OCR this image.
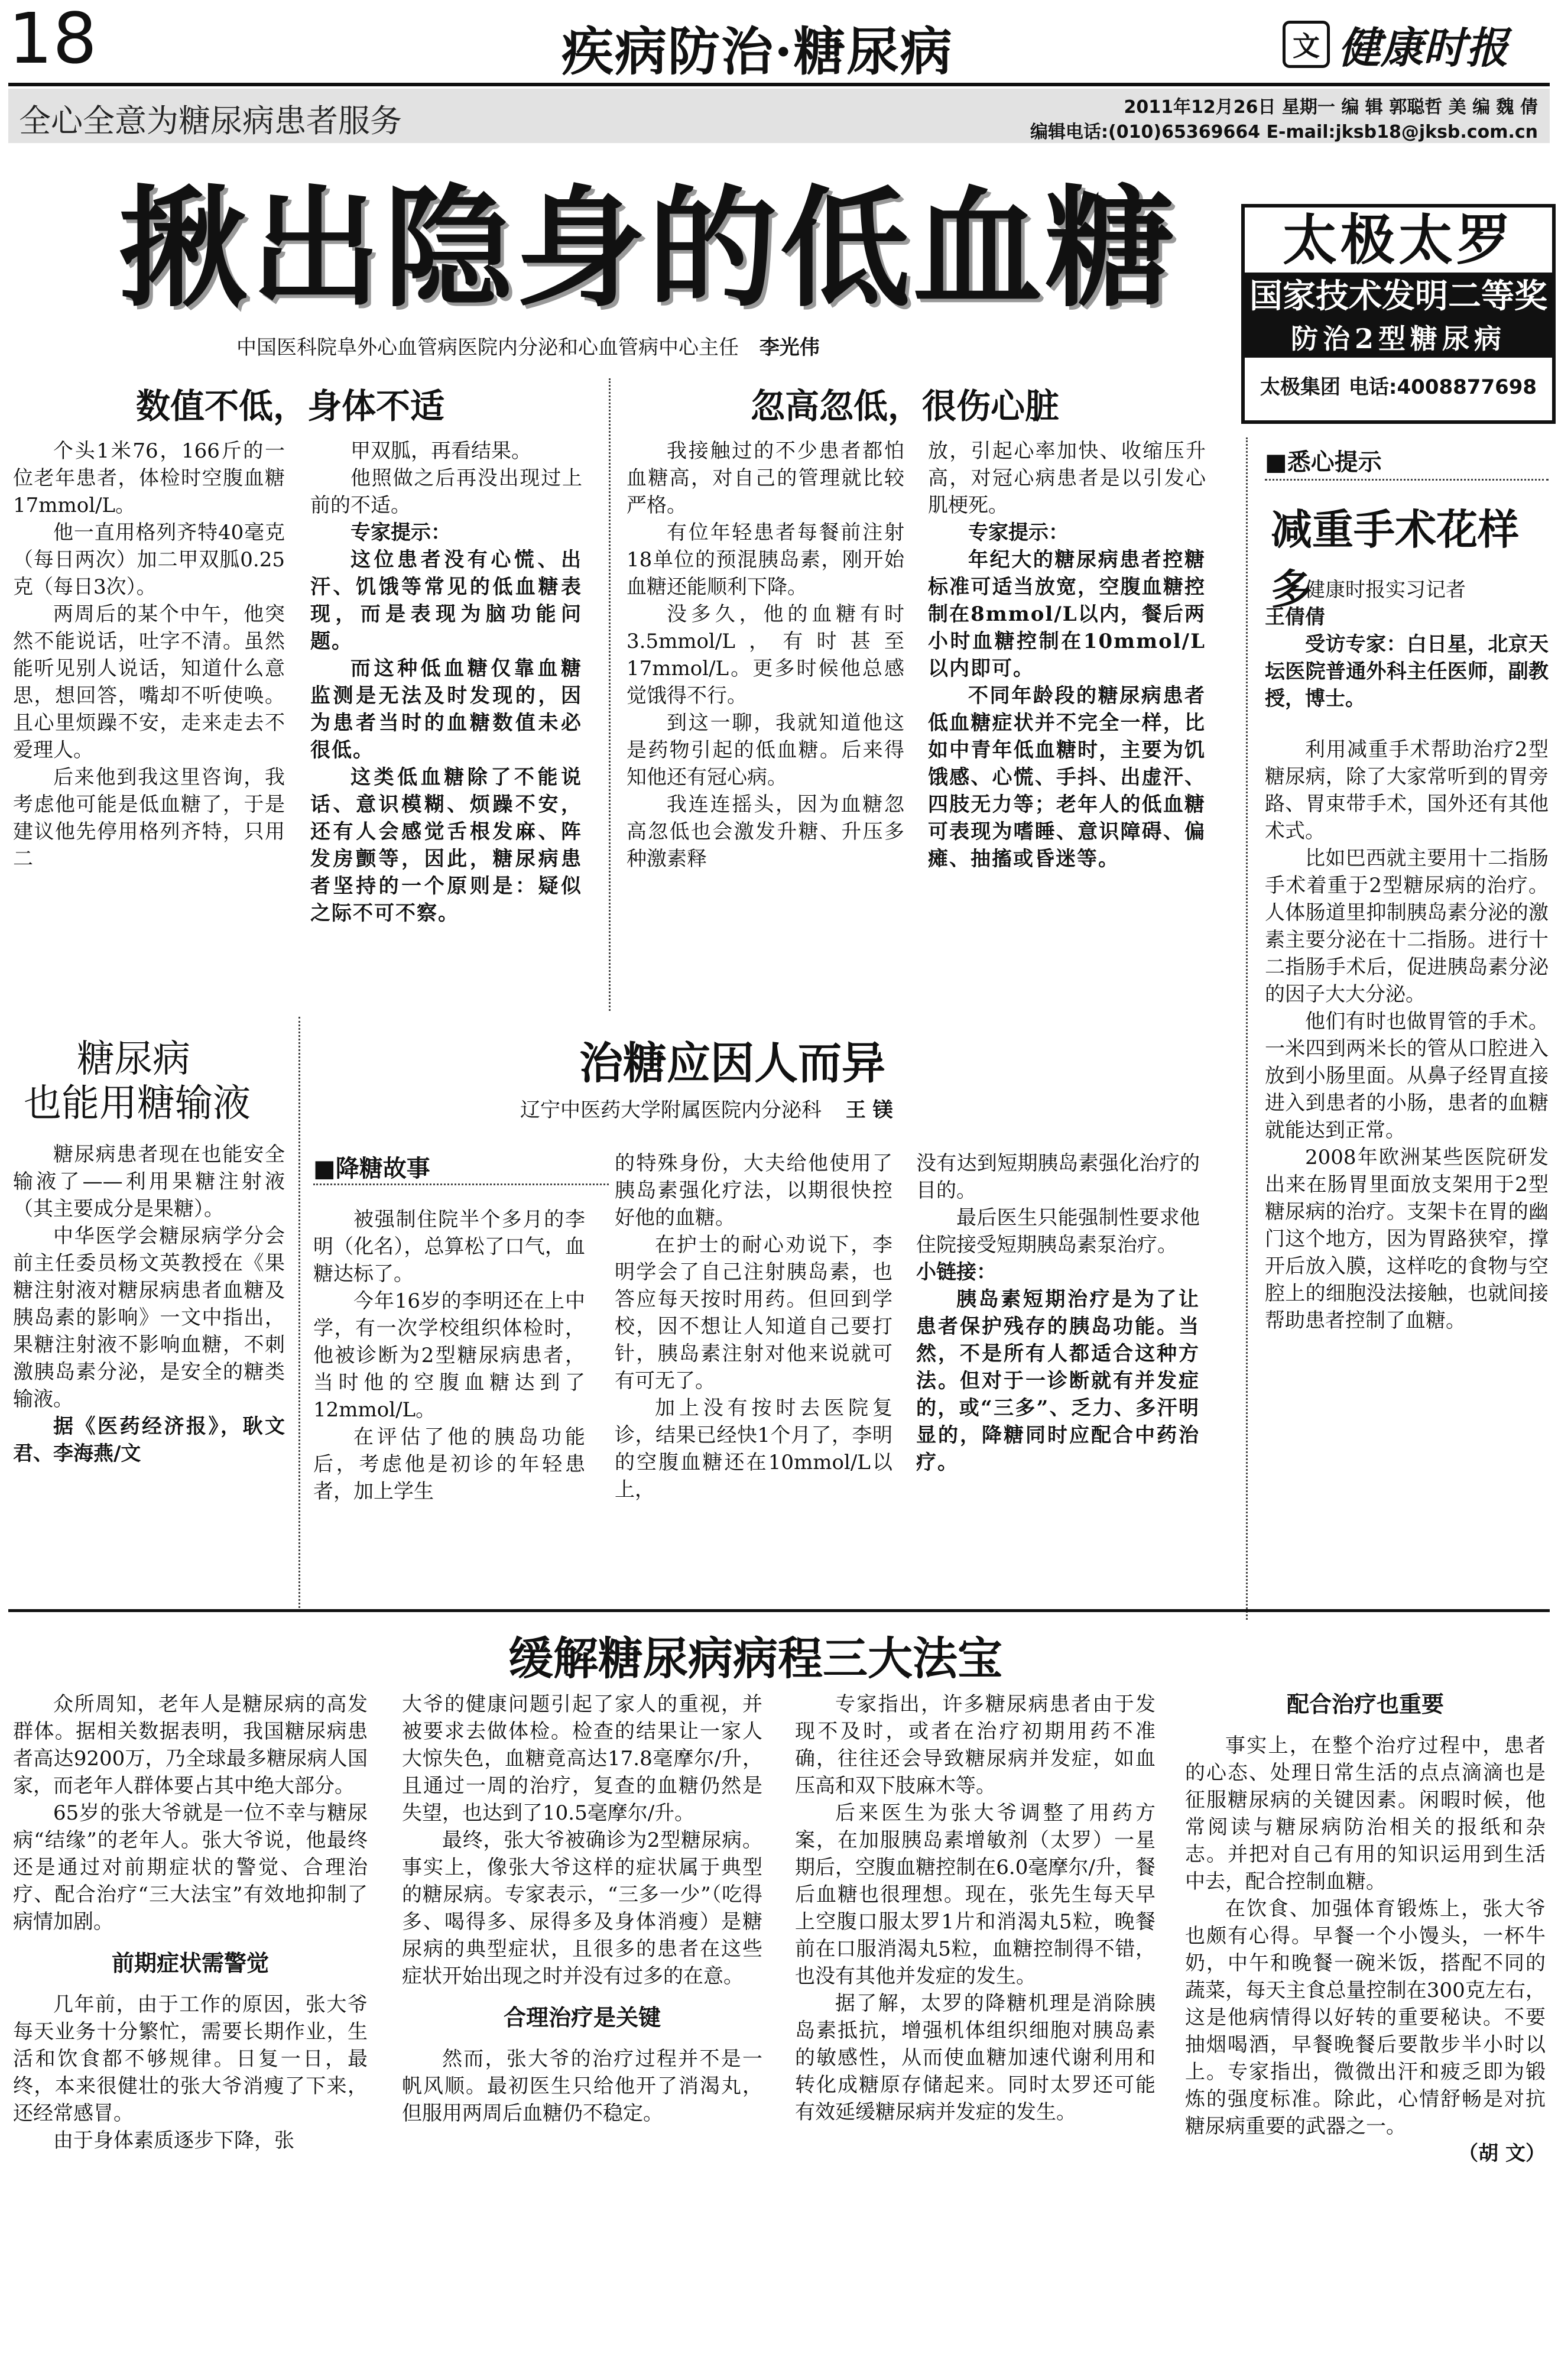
18	疾病防治·糖尿病	文 健康时报
全心全意为糖尿病患者服务	2011年12月26日 星期一 编 辑 郭聪哲 美 编 魏 倩
编辑电话:(010)65369664 E-mail:jksb18@jksb.com.cn
揪出隐身的低血糖
中国医科院阜外心血管病医院内分泌和心血管病中心主任 李光伟
太极太罗
国家技术发明二等奖
防治2型糖尿病
太极集团 电话:4008877698
数值不低，身体不适	忽高忽低，很伤心脏

个头1米76，166斤的一位老年患者，体检时空腹血糖17mmol/L。

他一直用格列齐特40毫克（每日两次）加二甲双胍0.25克（每日3次）。

两周后的某个中午，他突然不能说话，吐字不清。虽然能听见别人说话，知道什么意思，想回答，嘴却不听使唤。且心里烦躁不安，走来走去不爱理人。

后来他到我这里咨询，我考虑他可能是低血糖了，于是建议他先停用格列齐特，只用二

甲双胍，再看结果。

他照做之后再没出现过上前的不适。

专家提示：

这位患者没有心慌、出汗、饥饿等常见的低血糖表现，而是表现为脑功能问题。

而这种低血糖仅靠血糖监测是无法及时发现的，因为患者当时的血糖数值未必很低。

这类低血糖除了不能说话、意识模糊、烦躁不安，还有人会感觉舌根发麻、阵发房颤等，因此，糖尿病患者坚持的一个原则是：疑似之际不可不察。

我接触过的不少患者都怕血糖高，对自己的管理就比较严格。

有位年轻患者每餐前注射18单位的预混胰岛素，刚开始血糖还能顺利下降。

没多久，他的血糖有时3.5mmol/L，有时甚至17mmol/L。更多时候他总感觉饿得不行。

到这一聊，我就知道他这是药物引起的低血糖。后来得知他还有冠心病。

我连连摇头，因为血糖忽高忽低也会激发升糖、升压多种激素释

放，引起心率加快、收缩压升高，对冠心病患者是以引发心肌梗死。

专家提示：

年纪大的糖尿病患者控糖标准可适当放宽，空腹血糖控制在8mmol/L以内，餐后两小时血糖控制在10mmol/L以内即可。

不同年龄段的糖尿病患者低血糖症状并不完全一样，比如中青年低血糖时，主要为饥饿感、心慌、手抖、出虚汗、四肢无力等；老年人的低血糖可表现为嗜睡、意识障碍、偏瘫、抽搐或昏迷等。

■悉心提示
减重手术花样多
健康时报实习记者
王倩倩
受访专家：白日星，北京天坛医院普通外科主任医师，副教授，博士。

利用减重手术帮助治疗2型糖尿病，除了大家常听到的胃旁路、胃束带手术，国外还有其他术式。

比如巴西就主要用十二指肠手术着重于2型糖尿病的治疗。人体肠道里抑制胰岛素分泌的激素主要分泌在十二指肠。进行十二指肠手术后，促进胰岛素分泌的因子大大分泌。

他们有时也做胃管的手术。一米四到两米长的管从口腔进入放到小肠里面。从鼻子经胃直接进入到患者的小肠，患者的血糖就能达到正常。

2008年欧洲某些医院研发出来在肠胃里面放支架用于2型糖尿病的治疗。支架卡在胃的幽门这个地方，因为胃路狭窄，撑开后放入膜，这样吃的食物与空腔上的细胞没法接触，也就间接帮助患者控制了血糖。

糖尿病
也能用糖输液

糖尿病患者现在也能安全输液了——利用果糖注射液（其主要成分是果糖）。

中华医学会糖尿病学分会前主任委员杨文英教授在《果糖注射液对糖尿病患者血糖及胰岛素的影响》一文中指出，果糖注射液不影响血糖，不刺激胰岛素分泌，是安全的糖类输液。

据《医药经济报》，耿文君、李海燕/文
治糖应因人而异
辽宁中医药大学附属医院内分泌科 王 镁
■降糖故事

被强制住院半个多月的李明（化名），总算松了口气，血糖达标了。

今年16岁的李明还在上中学，有一次学校组织体检时，他被诊断为2型糖尿病患者，当时他的空腹血糖达到了12mmol/L。

在评估了他的胰岛功能后，考虑他是初诊的年轻患者，加上学生

的特殊身份，大夫给他使用了胰岛素强化疗法，以期很快控好他的血糖。

在护士的耐心劝说下，李明学会了自己注射胰岛素，也答应每天按时用药。但回到学校，因不想让人知道自己要打针，胰岛素注射对他来说就可有可无了。

加上没有按时去医院复诊，结果已经快1个月了，李明的空腹血糖还在10mmol/L以上，

没有达到短期胰岛素强化治疗的目的。

最后医生只能强制性要求他住院接受短期胰岛素泵治疗。

小链接：
胰岛素短期治疗是为了让患者保护残存的胰岛功能。当然，不是所有人都适合这种方法。但对于一诊断就有并发症的，或“三多”、乏力、多汗明显的，降糖同时应配合中药治疗。
缓解糖尿病病程三大法宝

众所周知，老年人是糖尿病的高发群体。据相关数据表明，我国糖尿病患者高达9200万，乃全球最多糖尿病人国家，而老年人群体要占其中绝大部分。

65岁的张大爷就是一位不幸与糖尿病“结缘”的老年人。张大爷说，他最终还是通过对前期症状的警觉、合理治疗、配合治疗“三大法宝”有效地抑制了病情加剧。

前期症状需警觉

几年前，由于工作的原因，张大爷每天业务十分繁忙，需要长期作业，生活和饮食都不够规律。日复一日，最终，本来很健壮的张大爷消瘦了下来，还经常感冒。

由于身体素质逐步下降，张

大爷的健康问题引起了家人的重视，并被要求去做体检。检查的结果让一家人大惊失色，血糖竟高达17.8毫摩尔/升，且通过一周的治疗，复查的血糖仍然是失望，也达到了10.5毫摩尔/升。

最终，张大爷被确诊为2型糖尿病。事实上，像张大爷这样的症状属于典型的糖尿病。专家表示，“三多一少”（吃得多、喝得多、尿得多及身体消瘦）是糖尿病的典型症状，且很多的患者在这些症状开始出现之时并没有过多的在意。

合理治疗是关键

然而，张大爷的治疗过程并不是一帆风顺。最初医生只给他开了消渴丸，但服用两周后血糖仍不稳定。

专家指出，许多糖尿病患者由于发现不及时，或者在治疗初期用药不准确，往往还会导致糖尿病并发症，如血压高和双下肢麻木等。

后来医生为张大爷调整了用药方案，在加服胰岛素增敏剂（太罗）一星期后，空腹血糖控制在6.0毫摩尔/升，餐后血糖也很理想。现在，张先生每天早上空腹口服太罗1片和消渴丸5粒，晚餐前在口服消渴丸5粒，血糖控制得不错，也没有其他并发症的发生。

据了解，太罗的降糖机理是消除胰岛素抵抗，增强机体组织细胞对胰岛素的敏感性，从而使血糖加速代谢利用和转化成糖原存储起来。同时太罗还可能有效延缓糖尿病并发症的发生。

配合治疗也重要

事实上，在整个治疗过程中，患者的心态、处理日常生活的点点滴滴也是征服糖尿病的关键因素。闲暇时候，他常阅读与糖尿病防治相关的报纸和杂志。并把对自己有用的知识运用到生活中去，配合控制血糖。

在饮食、加强体育锻炼上，张大爷也颇有心得。早餐一个小馒头，一杯牛奶，中午和晚餐一碗米饭，搭配不同的蔬菜，每天主食总量控制在300克左右，这是他病情得以好转的重要秘诀。不要抽烟喝酒，早餐晚餐后要散步半小时以上。专家指出，微微出汗和疲乏即为锻炼的强度标准。除此，心情舒畅是对抗糖尿病重要的武器之一。

（胡 文）
